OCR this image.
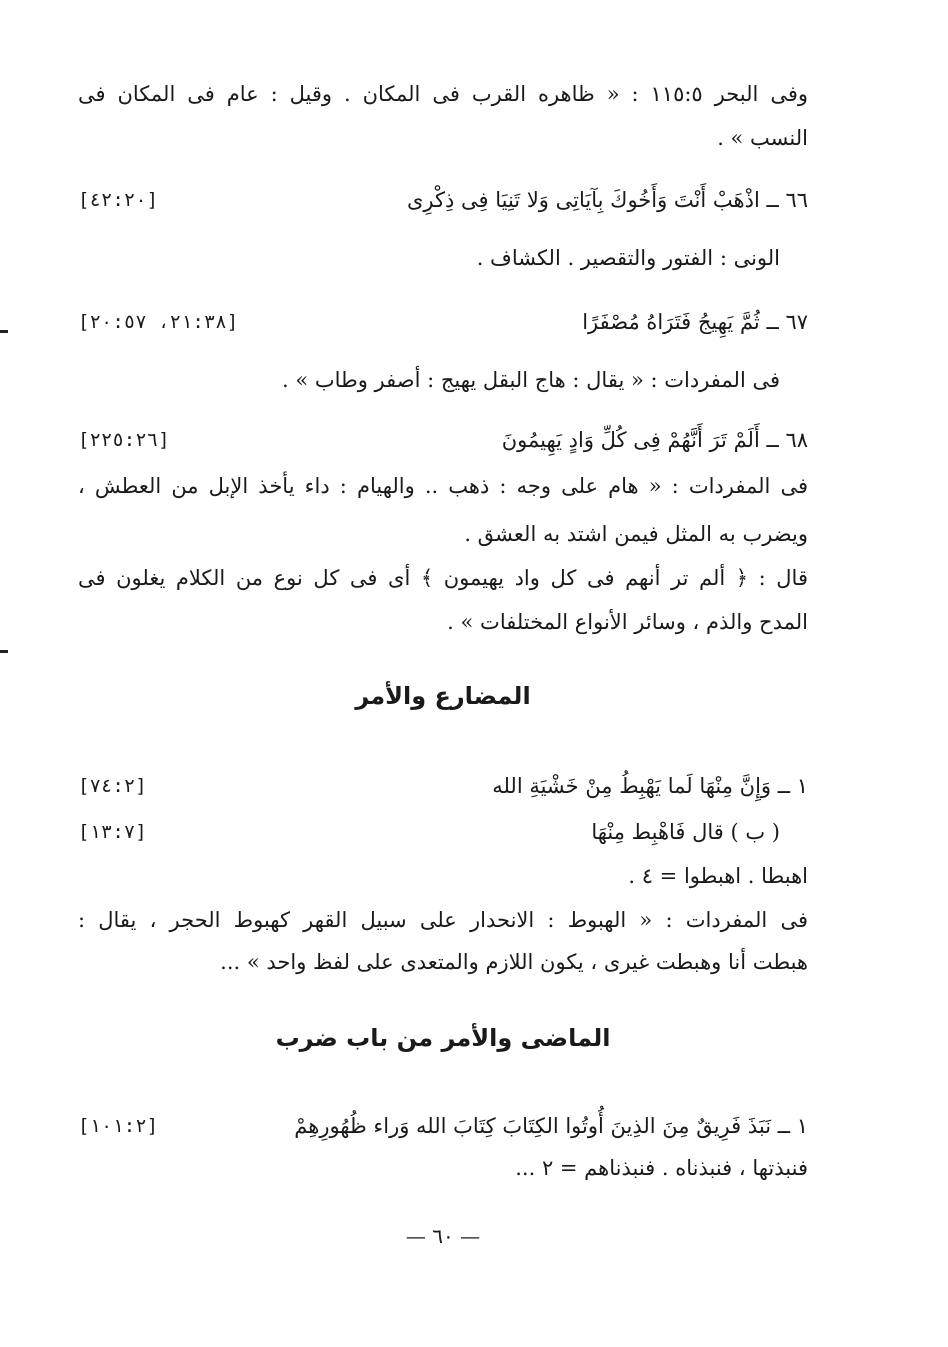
وفى البحر ١١٥:٥ : « ظاهره القرب فى المكان . وقيل : عام فى المكان فى
النسب » .
٦٦ ــ اذْهَبْ أَنْتَ وَأَخُوكَ بِآيَاتِى وَلا تَنِيَا فِى ذِكْرِى
[٤٢:٢٠]
الونى : الفتور والتقصير . الكشاف .
٦٧ ــ ثُمَّ يَهِيجُ فَتَرَاهُ مُصْفَرًا
[٢١:٣٨، ٢٠:٥٧]
فى المفردات : « يقال : هاج البقل يهيج : أصفر وطاب » .
٦٨ ــ أَلَمْ تَرَ أَنَّهُمْ فِى كُلِّ وَادٍ يَهِيمُونَ
[٢٢٥:٢٦]
فى المفردات : « هام على وجه : ذهب .. والهيام : داء يأخذ الإبل من العطش ،
ويضرب به المثل فيمن اشتد به العشق .
قال : ﴿ ألم تر أنهم فى كل واد يهيمون ﴾ أى فى كل نوع من الكلام يغلون فى
المدح والذم ، وسائر الأنواع المختلفات » .
المضارع والأمر
١ ــ وَإِنَّ مِنْهَا لَما يَهْبِطُ مِنْ خَشْيَةِ الله
[٧٤:٢]
( ب ) قال فَاهْبِط مِنْهَا
[١٣:٧]
اهبطا . اهبطوا = ٤ .
فى المفردات : « الهبوط : الانحدار على سبيل القهر كهبوط الحجر ، يقال :
هبطت أنا وهبطت غيرى ، يكون اللازم والمتعدى على لفظ واحد » ...
الماضى والأمر من باب ضرب
١ ــ نَبَذَ فَرِيقٌ مِنَ الذِينَ أُوتُوا الكِتَابَ كِتَابَ الله وَراء ظُهُورِهِمْ
[١٠١:٢]
فنبذتها ، فنبذناه . فنبذناهم = ٢ ...
— ٦٠ —
